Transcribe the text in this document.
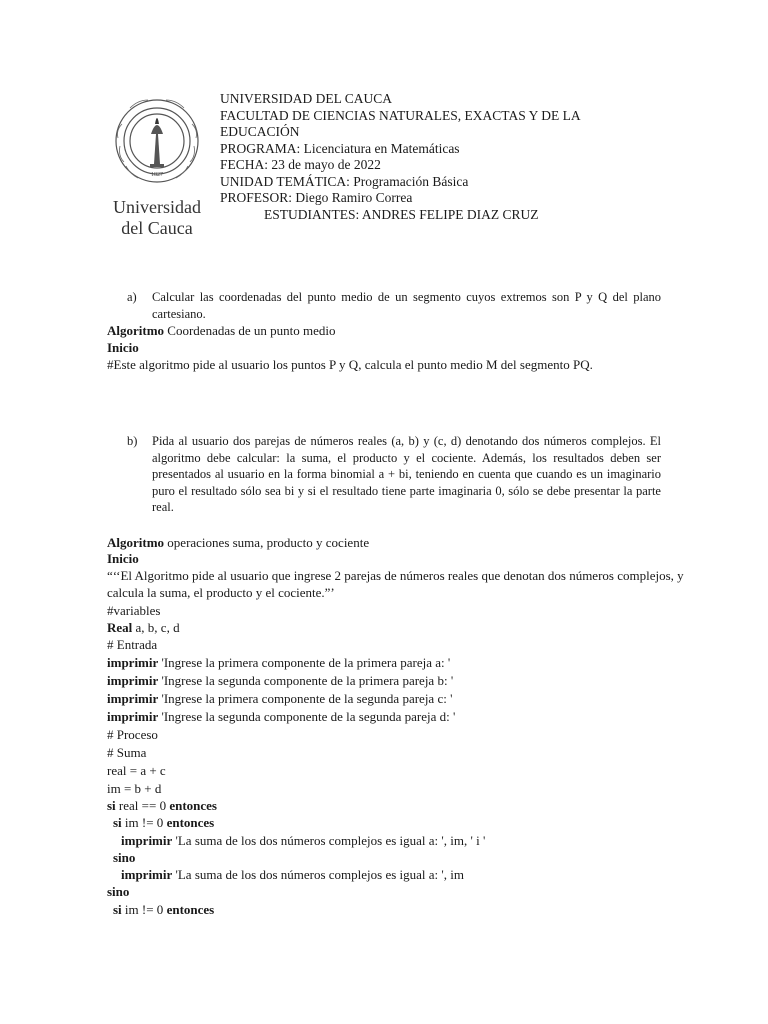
1827
Universidad
del Cauca
UNIVERSIDAD DEL CAUCA
FACULTAD DE CIENCIAS NATURALES, EXACTAS Y DE LA
EDUCACIÓN
PROGRAMA: Licenciatura en Matemáticas
FECHA: 23 de mayo de 2022
UNIDAD TEMÁTICA: Programación Básica
PROFESOR: Diego Ramiro Correa
ESTUDIANTES: ANDRES FELIPE DIAZ CRUZ
a) Calcular las coordenadas del punto medio de un segmento cuyos extremos son P y Q del plano cartesiano.
Algoritmo Coordenadas de un punto medio
Inicio
#Este algoritmo pide al usuario los puntos P y Q, calcula el punto medio M del segmento PQ.
b) Pida al usuario dos parejas de números reales (a, b) y (c, d) denotando dos números complejos. El algoritmo debe calcular: la suma, el producto y el cociente. Además, los resultados deben ser presentados al usuario en la forma binomial a + bi, teniendo en cuenta que cuando es un imaginario puro el resultado sólo sea bi y si el resultado tiene parte imaginaria 0, sólo se debe presentar la parte real.
Algoritmo operaciones suma, producto y cociente
Inicio
“‘‘El Algoritmo pide al usuario que ingrese 2 parejas de números reales que denotan dos números complejos, y calcula la suma, el producto y el cociente.”’
#variables
Real a, b, c, d
# Entrada
imprimir 'Ingrese la primera componente de la primera pareja a: '
imprimir 'Ingrese la segunda componente de la primera pareja b: '
imprimir 'Ingrese la primera componente de la segunda pareja c: '
imprimir 'Ingrese la segunda componente de la segunda pareja d: '
# Proceso
# Suma
real = a + c
im = b + d
si real == 0 entonces
si im != 0 entonces
imprimir 'La suma de los dos números complejos es igual a: ', im, ' i '
sino
imprimir 'La suma de los dos números complejos es igual a: ', im
sino
si im != 0 entonces
